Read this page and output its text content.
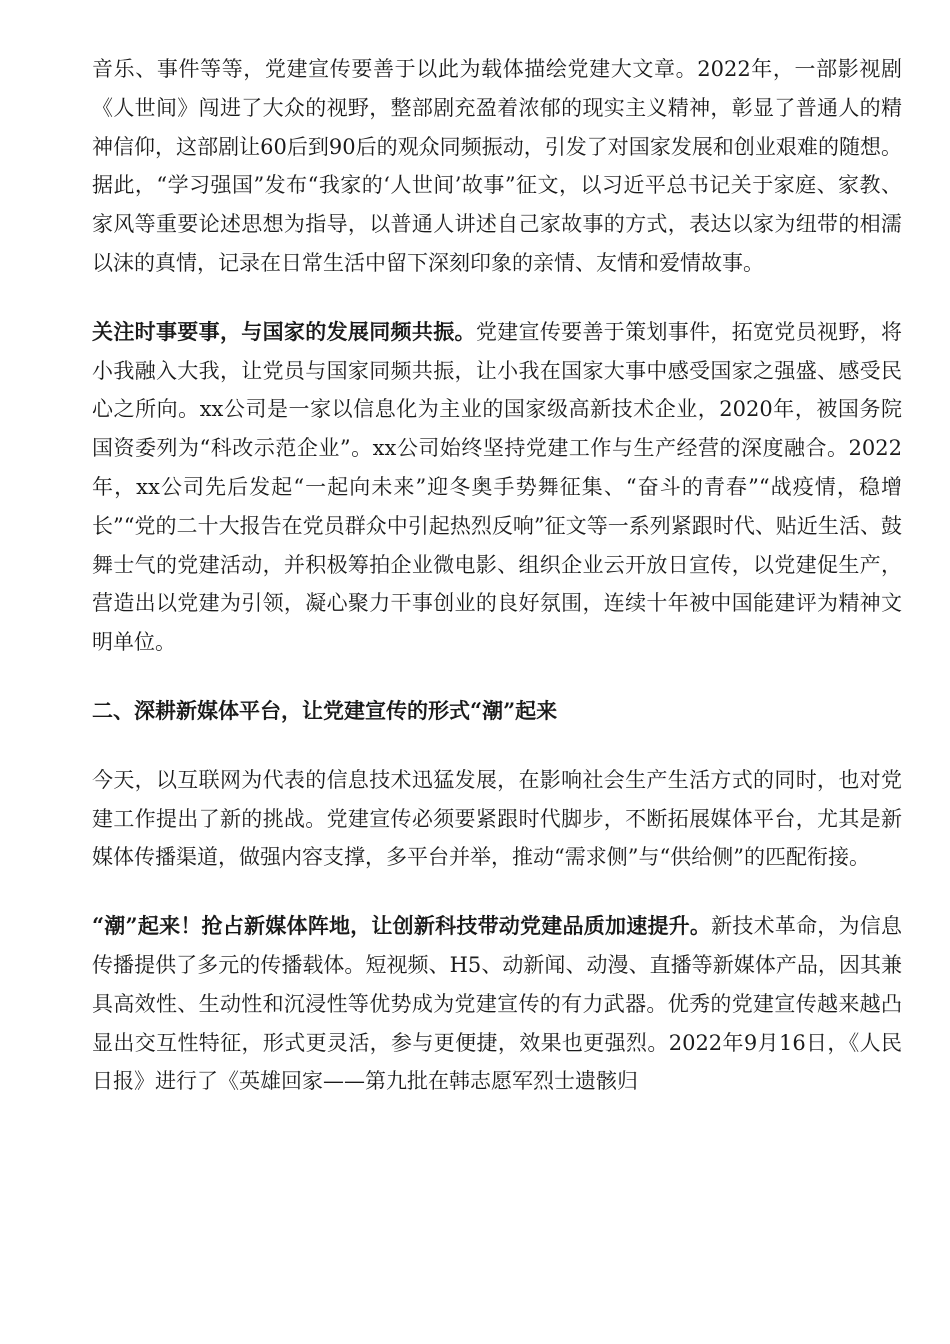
音乐、事件等等，党建宣传要善于以此为载体描绘党建大文章。2022年，一部影视剧《人世间》闯进了大众的视野，整部剧充盈着浓郁的现实主义精神，彰显了普通人的精神信仰，这部剧让60后到90后的观众同频振动，引发了对国家发展和创业艰难的随想。据此，“学习强国”发布“我家的‘人世间’故事”征文，以习近平总书记关于家庭、家教、家风等重要论述思想为指导，以普通人讲述自己家故事的方式，表达以家为纽带的相濡以沫的真情，记录在日常生活中留下深刻印象的亲情、友情和爱情故事。

关注时事要事，与国家的发展同频共振。党建宣传要善于策划事件，拓宽党员视野，将小我融入大我，让党员与国家同频共振，让小我在国家大事中感受国家之强盛、感受民心之所向。xx公司是一家以信息化为主业的国家级高新技术企业，2020年，被国务院国资委列为“科改示范企业”。xx公司始终坚持党建工作与生产经营的深度融合。2022年，xx公司先后发起“一起向未来”迎冬奥手势舞征集、“奋斗的青春”“战疫情，稳增长”“党的二十大报告在党员群众中引起热烈反响”征文等一系列紧跟时代、贴近生活、鼓舞士气的党建活动，并积极筹拍企业微电影、组织企业云开放日宣传，以党建促生产，营造出以党建为引领，凝心聚力干事创业的良好氛围，连续十年被中国能建评为精神文明单位。

二、深耕新媒体平台，让党建宣传的形式“潮”起来

今天，以互联网为代表的信息技术迅猛发展，在影响社会生产生活方式的同时，也对党建工作提出了新的挑战。党建宣传必须要紧跟时代脚步，不断拓展媒体平台，尤其是新媒体传播渠道，做强内容支撑，多平台并举，推动“需求侧”与“供给侧”的匹配衔接。

“潮”起来！抢占新媒体阵地，让创新科技带动党建品质加速提升。新技术革命，为信息传播提供了多元的传播载体。短视频、H5、动新闻、动漫、直播等新媒体产品，因其兼具高效性、生动性和沉浸性等优势成为党建宣传的有力武器。优秀的党建宣传越来越凸显出交互性特征，形式更灵活，参与更便捷，效果也更强烈。2022年9月16日，《人民日报》进行了《英雄回家——第九批在韩志愿军烈士遗骸归
